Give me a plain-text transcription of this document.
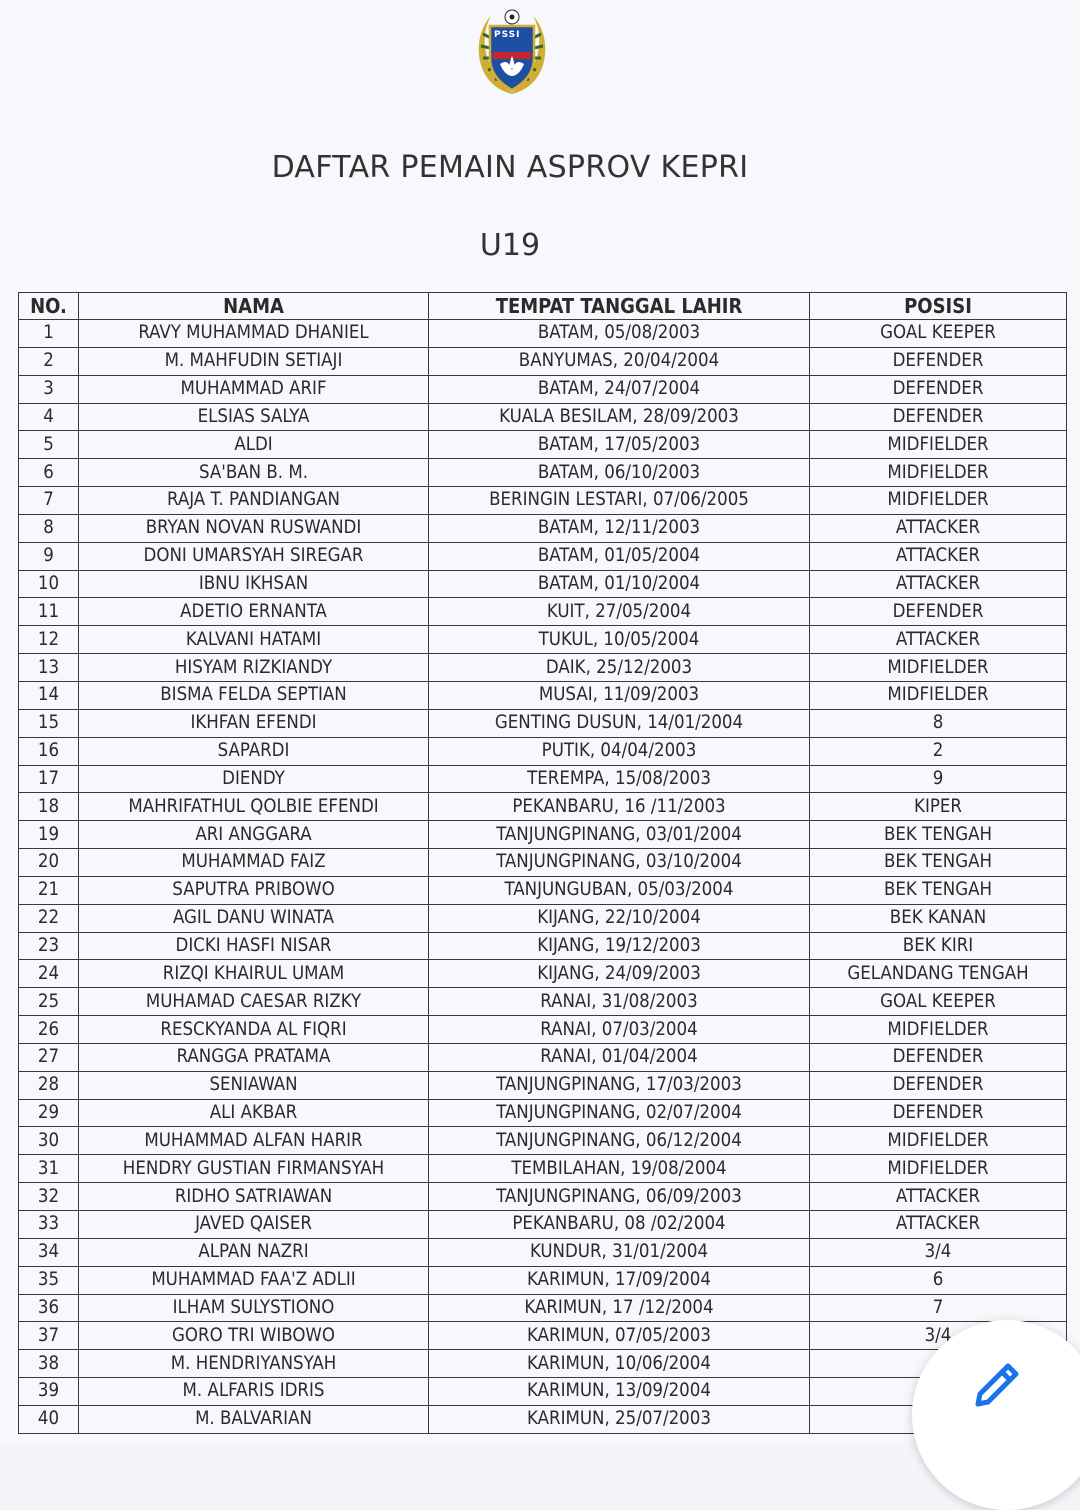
PSSI
DAFTAR PEMAIN ASPROV KEPRI
U19
NO.	NAMA	TEMPAT TANGGAL LAHIR	POSISI
1	RAVY MUHAMMAD DHANIEL	BATAM, 05/08/2003	GOAL KEEPER
2	M. MAHFUDIN SETIAJI	BANYUMAS, 20/04/2004	DEFENDER
3	MUHAMMAD ARIF	BATAM, 24/07/2004	DEFENDER
4	ELSIAS SALYA	KUALA BESILAM, 28/09/2003	DEFENDER
5	ALDI	BATAM, 17/05/2003	MIDFIELDER
6	SA'BAN B. M.	BATAM, 06/10/2003	MIDFIELDER
7	RAJA T. PANDIANGAN	BERINGIN LESTARI, 07/06/2005	MIDFIELDER
8	BRYAN NOVAN RUSWANDI	BATAM, 12/11/2003	ATTACKER
9	DONI UMARSYAH SIREGAR	BATAM, 01/05/2004	ATTACKER
10	IBNU IKHSAN	BATAM, 01/10/2004	ATTACKER
11	ADETIO ERNANTA	KUIT, 27/05/2004	DEFENDER
12	KALVANI HATAMI	TUKUL, 10/05/2004	ATTACKER
13	HISYAM RIZKIANDY	DAIK, 25/12/2003	MIDFIELDER
14	BISMA FELDA SEPTIAN	MUSAI, 11/09/2003	MIDFIELDER
15	IKHFAN EFENDI	GENTING DUSUN, 14/01/2004	8
16	SAPARDI	PUTIK, 04/04/2003	2
17	DIENDY	TEREMPA, 15/08/2003	9
18	MAHRIFATHUL QOLBIE EFENDI	PEKANBARU, 16 /11/2003	KIPER
19	ARI ANGGARA	TANJUNGPINANG, 03/01/2004	BEK TENGAH
20	MUHAMMAD FAIZ	TANJUNGPINANG, 03/10/2004	BEK TENGAH
21	SAPUTRA PRIBOWO	TANJUNGUBAN, 05/03/2004	BEK TENGAH
22	AGIL DANU WINATA	KIJANG, 22/10/2004	BEK KANAN
23	DICKI HASFI NISAR	KIJANG, 19/12/2003	BEK KIRI
24	RIZQI KHAIRUL UMAM	KIJANG, 24/09/2003	GELANDANG TENGAH
25	MUHAMAD CAESAR RIZKY	RANAI, 31/08/2003	GOAL KEEPER
26	RESCKYANDA AL FIQRI	RANAI, 07/03/2004	MIDFIELDER
27	RANGGA PRATAMA	RANAI, 01/04/2004	DEFENDER
28	SENIAWAN	TANJUNGPINANG, 17/03/2003	DEFENDER
29	ALI AKBAR	TANJUNGPINANG, 02/07/2004	DEFENDER
30	MUHAMMAD ALFAN HARIR	TANJUNGPINANG, 06/12/2004	MIDFIELDER
31	HENDRY GUSTIAN FIRMANSYAH	TEMBILAHAN, 19/08/2004	MIDFIELDER
32	RIDHO SATRIAWAN	TANJUNGPINANG, 06/09/2003	ATTACKER
33	JAVED QAISER	PEKANBARU, 08 /02/2004	ATTACKER
34	ALPAN NAZRI	KUNDUR, 31/01/2004	3/4
35	MUHAMMAD FAA'Z ADLII	KARIMUN, 17/09/2004	6
36	ILHAM SULYSTIONO	KARIMUN, 17 /12/2004	7
37	GORO TRI WIBOWO	KARIMUN, 07/05/2003	3/4
38	M. HENDRIYANSYAH	KARIMUN, 10/06/2004	
39	M. ALFARIS IDRIS	KARIMUN, 13/09/2004	
40	M. BALVARIAN	KARIMUN, 25/07/2003	
